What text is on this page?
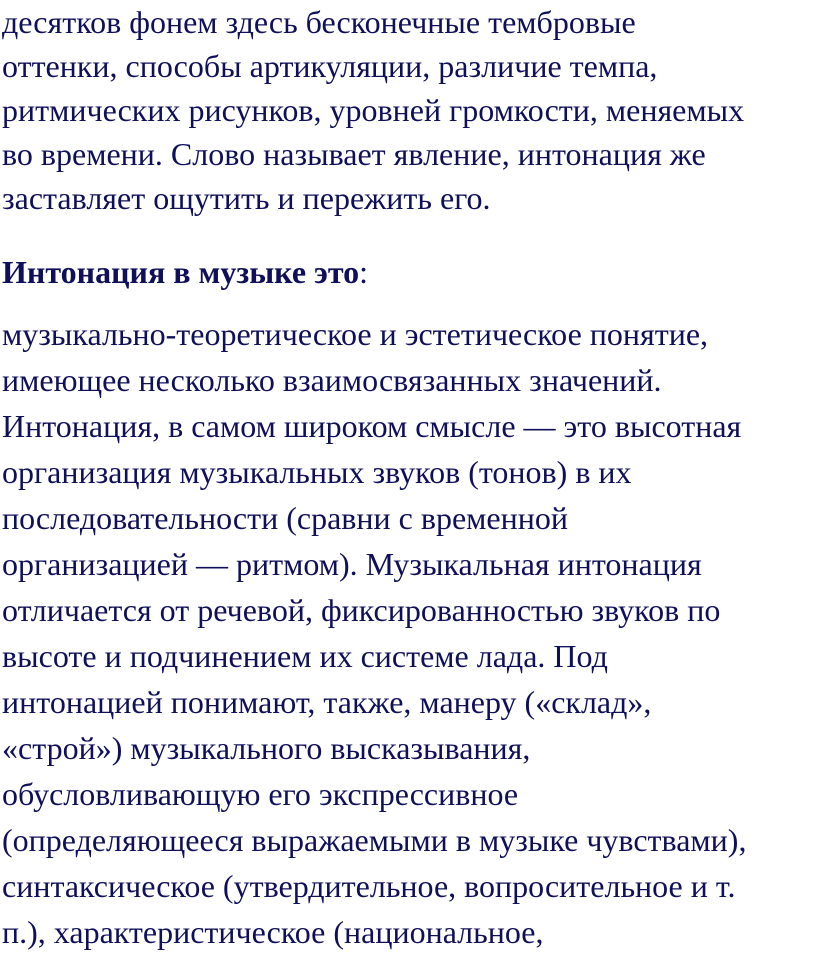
десятков фонем здесь бесконечные тембровые
оттенки, способы артикуляции, различие темпа,
ритмических рисунков, уровней громкости, меняемых
во времени. Слово называет явление, интонация же
заставляет ощутить и пережить его.
Интонация в музыке это:
музыкально-теоретическое и эстетическое понятие,
имеющее несколько взаимосвязанных значений.
Интонация, в самом широком смысле — это высотная
организация музыкальных звуков (тонов) в их
последовательности (сравни с временной
организацией — ритмом). Музыкальная интонация
отличается от речевой, фиксированностью звуков по
высоте и подчинением их системе лада. Под
интонацией понимают, также, манеру («склад»,
«строй») музыкального высказывания,
обусловливающую его экспрессивное
(определяющееся выражаемыми в музыке чувствами),
синтаксическое (утвердительное, вопросительное и т.
п.), характеристическое (национальное,
